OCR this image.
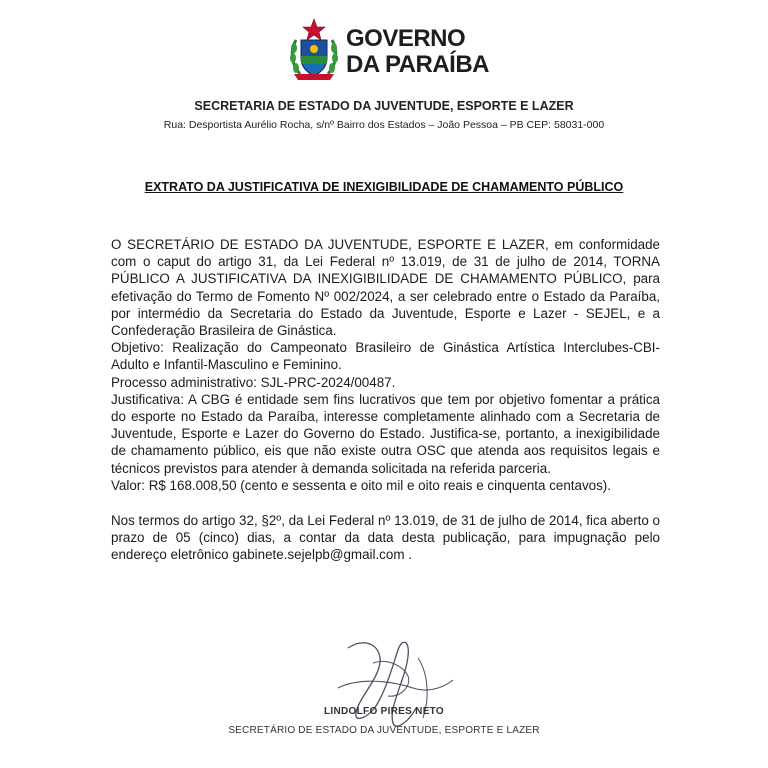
GOVERNO
DA PARAÍBA
SECRETARIA DE ESTADO DA JUVENTUDE, ESPORTE E LAZER
Rua: Desportista Aurélio Rocha, s/nº Bairro dos Estados – João Pessoa – PB CEP: 58031-000
EXTRATO DA JUSTIFICATIVA DE INEXIGIBILIDADE DE CHAMAMENTO PÚBLICO

O SECRETÁRIO DE ESTADO DA JUVENTUDE, ESPORTE E LAZER, em conformidade com o caput do artigo 31, da Lei Federal nº 13.019, de 31 de julho de 2014, TORNA PÚBLICO A JUSTIFICATIVA DA INEXIGIBILIDADE DE CHAMAMENTO PÚBLICO, para efetivação do Termo de Fomento Nº 002/2024, a ser celebrado entre o Estado da Paraíba, por intermédio da Secretaria do Estado da Juventude, Esporte e Lazer - SEJEL, e a Confederação Brasileira de Ginástica.

Objetivo: Realização do Campeonato Brasileiro de Ginástica Artística Interclubes-CBI-Adulto e Infantil-Masculino e Feminino.

Processo administrativo: SJL-PRC-2024/00487.

Justificativa: A CBG é entidade sem fins lucrativos que tem por objetivo fomentar a prática do esporte no Estado da Paraíba, interesse completamente alinhado com a Secretaria de Juventude, Esporte e Lazer do Governo do Estado. Justifica-se, portanto, a inexigibilidade de chamamento público, eis que não existe outra OSC que atenda aos requisitos legais e técnicos previstos para atender à demanda solicitada na referida parceria.

Valor: R$ 168.008,50 (cento e sessenta e oito mil e oito reais e cinquenta centavos).

Nos termos do artigo 32, §2º, da Lei Federal nº 13.019, de 31 de julho de 2014, fica aberto o prazo de 05 (cinco) dias, a contar da data desta publicação, para impugnação pelo endereço eletrônico gabinete.sejelpb@gmail.com .

LINDOLFO PIRES NETO
SECRETÁRIO DE ESTADO DA JUVENTUDE, ESPORTE E LAZER
